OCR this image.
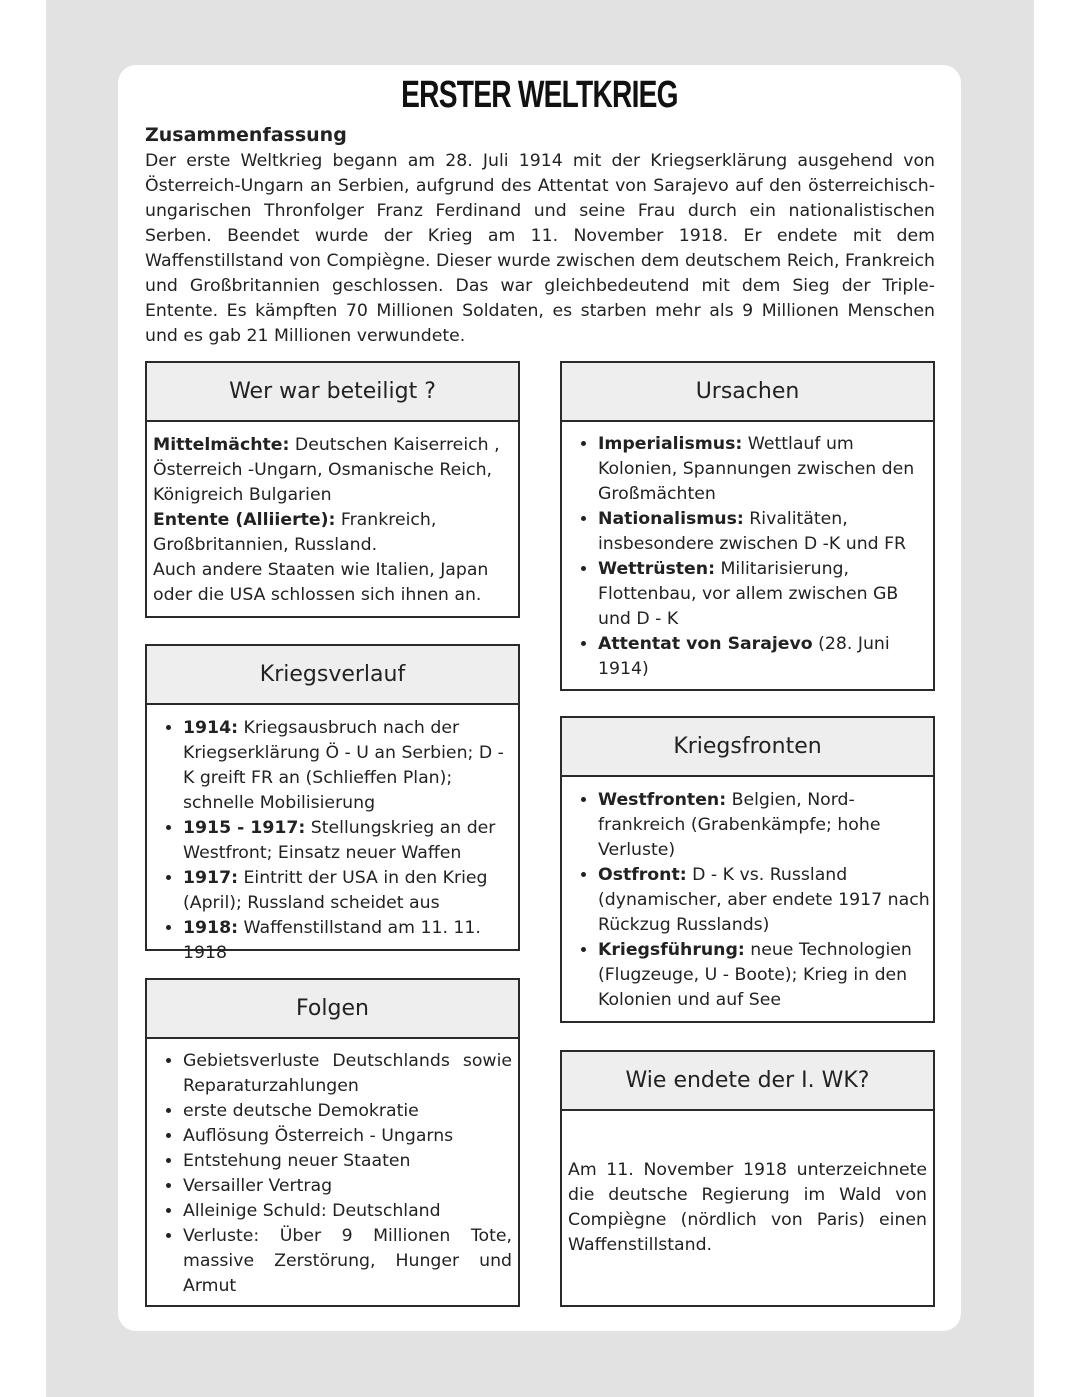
ERSTER WELTKRIEG
Zusammenfassung

Der erste Weltkrieg begann am 28. Juli 1914 mit der Kriegserklärung ausgehend von Österreich-Ungarn an Serbien, aufgrund des Attentat von Sarajevo auf den österreichisch-ungarischen Thronfolger Franz Ferdinand und seine Frau durch ein nationalistischen Serben. Beendet wurde der Krieg am 11. November 1918. Er endete mit dem Waffenstillstand von Compiègne. Dieser wurde zwischen dem deutschem Reich, Frankreich und Großbritannien geschlossen. Das war gleichbedeutend mit dem Sieg der Triple-Entente. Es kämpften 70 Millionen Soldaten, es starben mehr als 9 Millionen Menschen und es gab 21 Millionen verwundete.

Wer war beteiligt ?

Mittelmächte: Deutschen Kaiserreich , Österreich -Ungarn, Osmanische Reich, Königreich Bulgarien

Entente (Alliierte): Frankreich, Großbritannien, Russland.

Auch andere Staaten wie Italien, Japan oder die USA schlossen sich ihnen an.

Ursachen
• Imperialismus: Wettlauf um Kolonien, Spannungen zwischen den Großmächten
• Nationalismus: Rivalitäten, insbesondere zwischen D -K und FR
• Wettrüsten: Militarisierung, Flottenbau, vor allem zwischen GB und D - K
• Attentat von Sarajevo (28. Juni 1914)
Kriegsverlauf
• 1914: Kriegsausbruch nach der Kriegserklärung Ö - U an Serbien; D - K greift FR an (Schlieffen Plan); schnelle Mobilisierung
• 1915 - 1917: Stellungskrieg an der Westfront; Einsatz neuer Waffen
• 1917: Eintritt der USA in den Krieg (April); Russland scheidet aus
• 1918: Waffenstillstand am 11. 11. 1918
Kriegsfronten
• Westfronten: Belgien, Nord-frankreich (Grabenkämpfe; hohe Verluste)
• Ostfront: D - K vs. Russland (dynamischer, aber endete 1917 nach Rückzug Russlands)
• Kriegsführung: neue Technologien (Flugzeuge, U - Boote); Krieg in den Kolonien und auf See
Folgen
• Gebietsverluste Deutschlands sowie Reparaturzahlungen
• erste deutsche Demokratie
• Auflösung Österreich - Ungarns
• Entstehung neuer Staaten
• Versailler Vertrag
• Alleinige Schuld: Deutschland
• Verluste: Über 9 Millionen Tote, massive Zerstörung, Hunger und Armut
Wie endete der I. WK?

Am 11. November 1918 unterzeichnete die deutsche Regierung im Wald von Compiègne (nördlich von Paris) einen Waffenstillstand.
